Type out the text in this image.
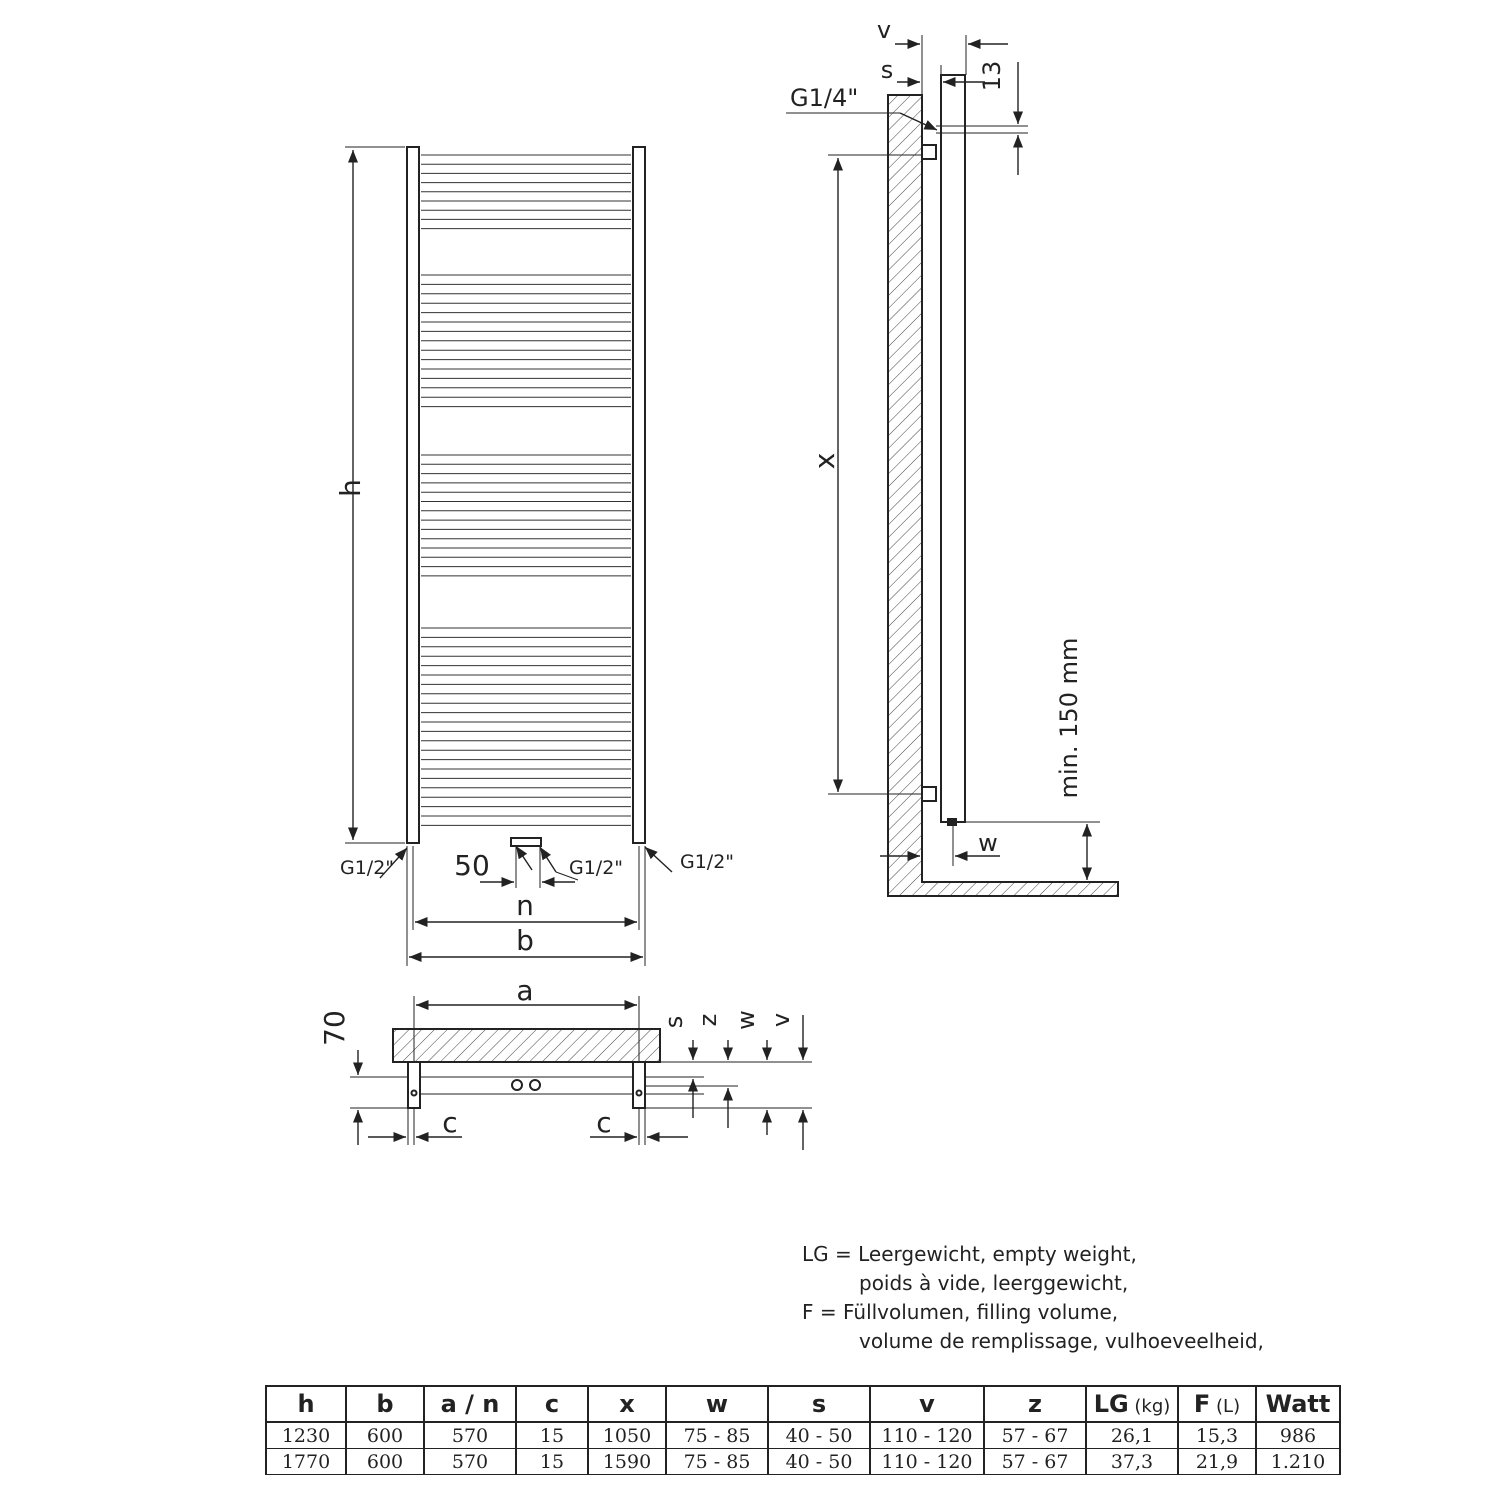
h
G1/2"	G1/2"
G1/2"
50
n
b
v
s	13
G1/4"
x
min. 150 mm
w
a
70
c	c
s z w v
LG = Leergewicht, empty weight,
poids à vide, leerggewicht,
F = Füllvolumen, filling volume,
volume de remplissage, vulhoeveelheid,
h	b	a / n	c	x	w	s	v	z	LG (kg)	F (L)	Watt
1230	600	570	15	1050	75 - 85	40 - 50	110 - 120	57 - 67	26,1	15,3	986
1770	600	570	15	1590	75 - 85	40 - 50	110 - 120	57 - 67	37,3	21,9	1.210
